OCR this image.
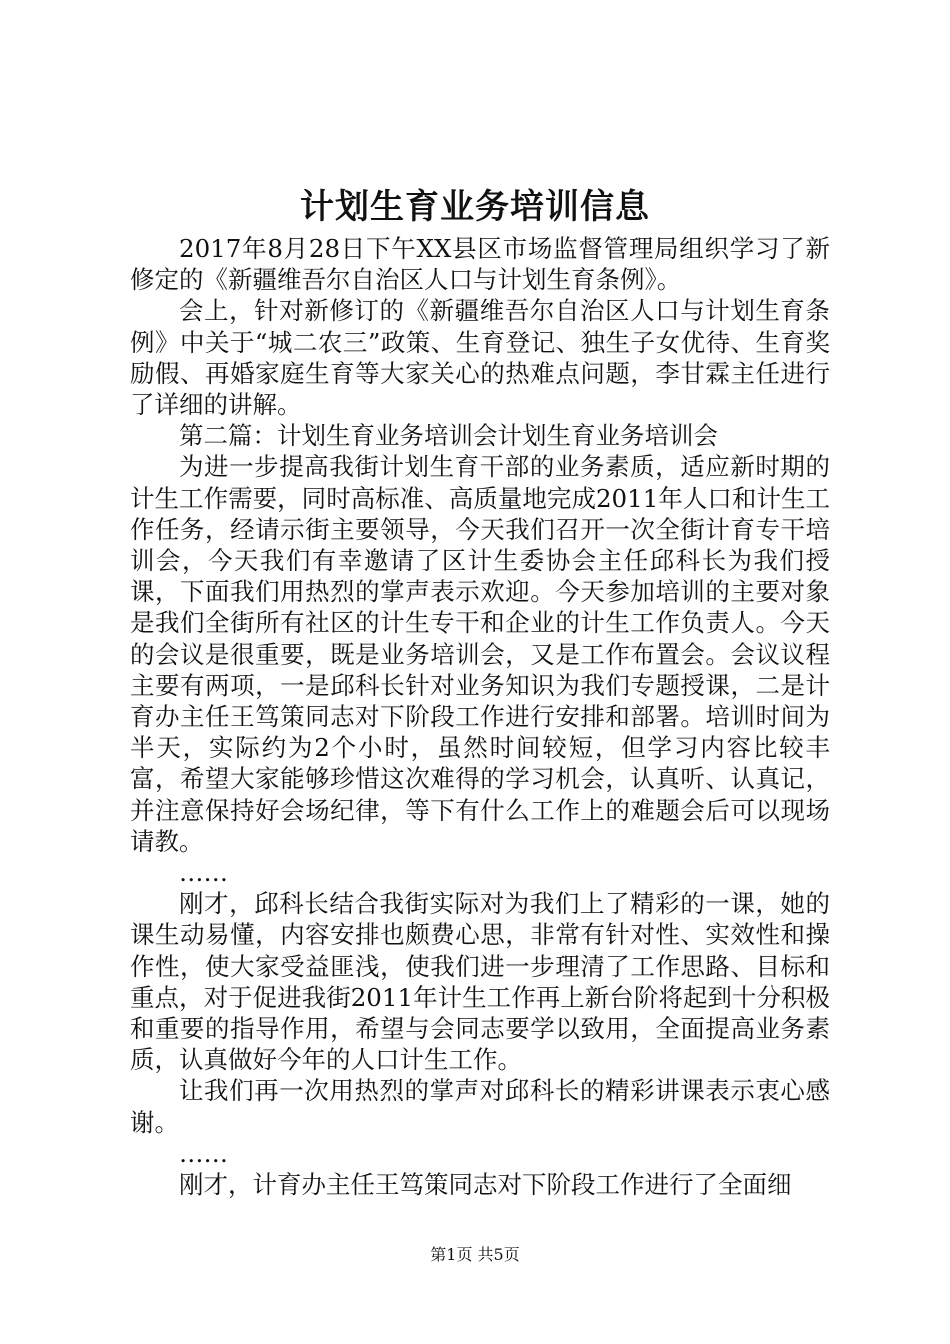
计划生育业务培训信息

2017年8月28日下午XX县区市场监督管理局组织学习了新修定的《新疆维吾尔自治区人口与计划生育条例》。

会上，针对新修订的《新疆维吾尔自治区人口与计划生育条例》中关于“城二农三”政策、生育登记、独生子女优待、生育奖励假、再婚家庭生育等大家关心的热难点问题，李甘霖主任进行了详细的讲解。

第二篇：计划生育业务培训会计划生育业务培训会

为进一步提高我街计划生育干部的业务素质，适应新时期的计生工作需要，同时高标准、高质量地完成2011年人口和计生工作任务，经请示街主要领导，今天我们召开一次全街计育专干培训会，今天我们有幸邀请了区计生委协会主任邱科长为我们授课，下面我们用热烈的掌声表示欢迎。今天参加培训的主要对象是我们全街所有社区的计生专干和企业的计生工作负责人。今天的会议是很重要，既是业务培训会，又是工作布置会。会议议程主要有两项，一是邱科长针对业务知识为我们专题授课，二是计育办主任王笃策同志对下阶段工作进行安排和部署。培训时间为半天，实际约为2个小时，虽然时间较短，但学习内容比较丰富，希望大家能够珍惜这次难得的学习机会，认真听、认真记，并注意保持好会场纪律，等下有什么工作上的难题会后可以现场请教。

……

刚才，邱科长结合我街实际对为我们上了精彩的一课，她的课生动易懂，内容安排也颇费心思，非常有针对性、实效性和操作性，使大家受益匪浅，使我们进一步理清了工作思路、目标和重点，对于促进我街2011年计生工作再上新台阶将起到十分积极和重要的指导作用，希望与会同志要学以致用，全面提高业务素质，认真做好今年的人口计生工作。

让我们再一次用热烈的掌声对邱科长的精彩讲课表示衷心感谢。

……

刚才，计育办主任王笃策同志对下阶段工作进行了全面细

第1页 共5页
